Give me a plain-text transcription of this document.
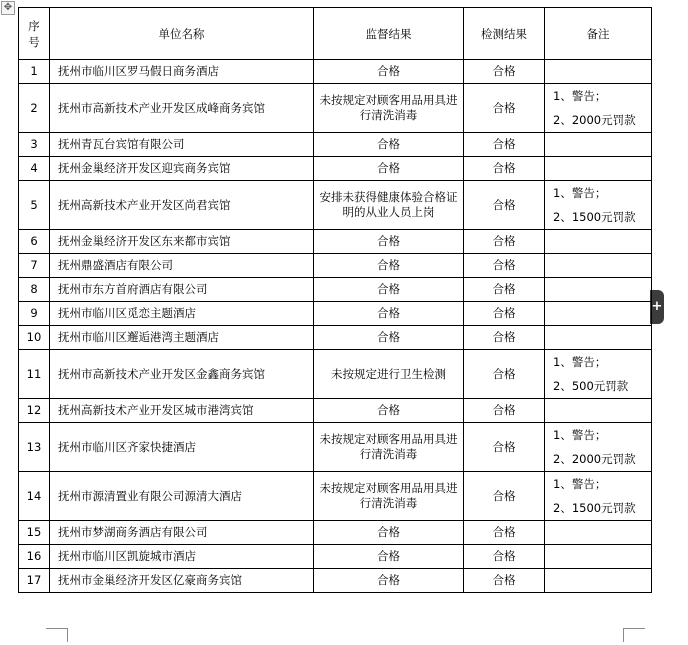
✥
+
序
号	单位名称	监督结果	检测结果	备注
1	抚州市临川区罗马假日商务酒店	合格	合格	

2	抚州市高新技术产业开发区成峰商务宾馆	未按规定对顾客用品用具进行清洗消毒	合格	1、警告；
2、2000元罚款

3	抚州青瓦台宾馆有限公司	合格	合格	

4	抚州金巢经济开发区迎宾商务宾馆	合格	合格	

5	抚州高新技术产业开发区尚君宾馆	安排未获得健康体验合格证明的从业人员上岗	合格	1、警告；
2、1500元罚款

6	抚州金巢经济开发区东来都市宾馆	合格	合格	

7	抚州鼎盛酒店有限公司	合格	合格	

8	抚州市东方首府酒店有限公司	合格	合格	

9	抚州市临川区觅恋主题酒店	合格	合格	

10	抚州市临川区邂逅港湾主题酒店	合格	合格	

11	抚州市高新技术产业开发区金鑫商务宾馆	未按规定进行卫生检测	合格	1、警告；
2、500元罚款

12	抚州高新技术产业开发区城市港湾宾馆	合格	合格	

13	抚州市临川区齐家快捷酒店	未按规定对顾客用品用具进行清洗消毒	合格	1、警告；
2、2000元罚款

14	抚州市源清置业有限公司源清大酒店	未按规定对顾客用品用具进行清洗消毒	合格	1、警告；
2、1500元罚款

15	抚州市梦湖商务酒店有限公司	合格	合格	

16	抚州市临川区凯旋城市酒店	合格	合格	

17	抚州市金巢经济开发区亿豪商务宾馆	合格	合格	
